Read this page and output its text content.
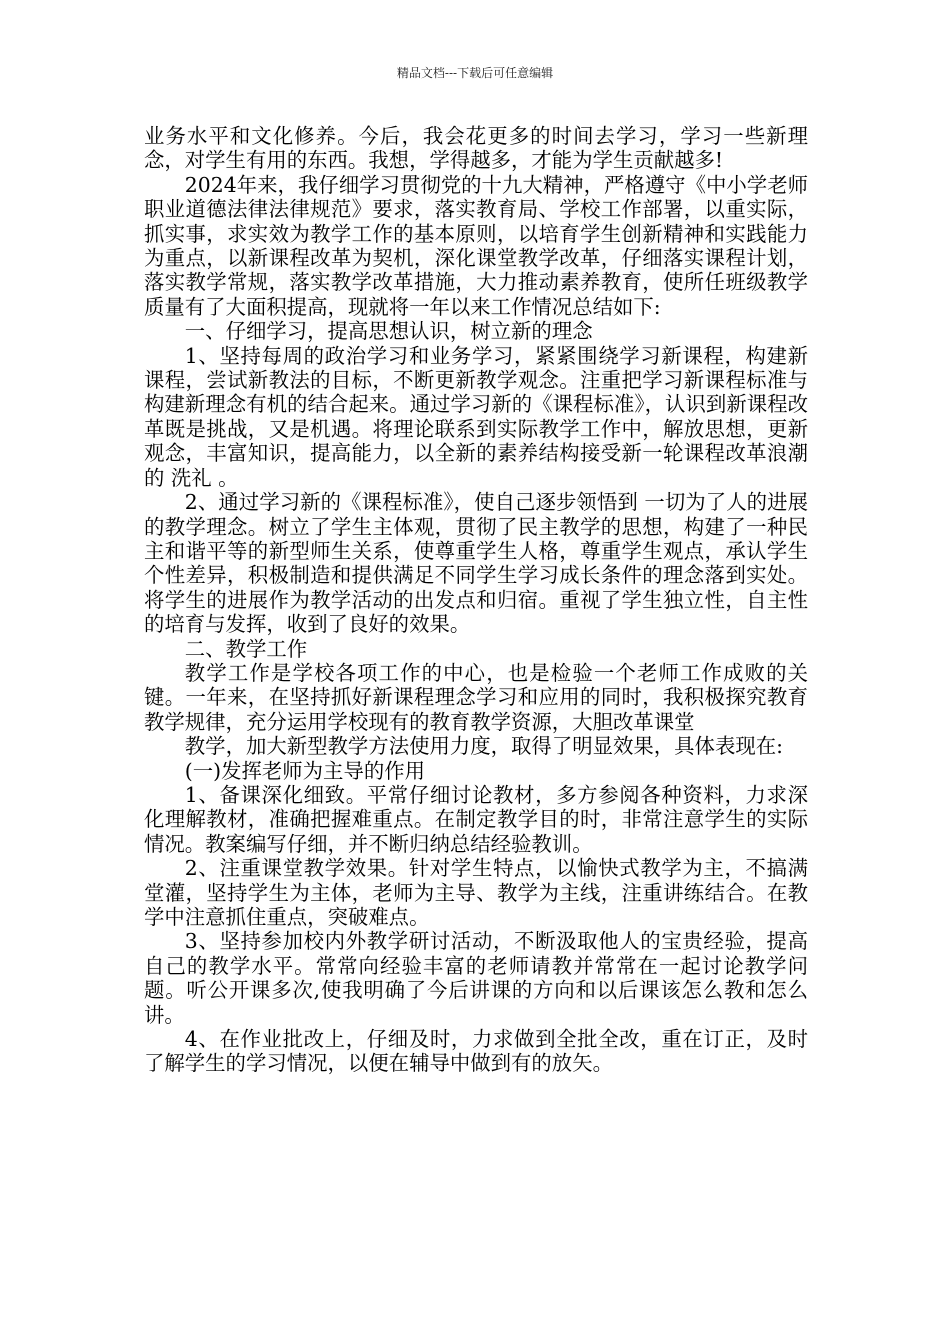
精品文档---下载后可任意编辑

业务水平和文化修养。今后，我会花更多的时间去学习，学习一些新理念，对学生有用的东西。我想，学得越多，才能为学生贡献越多!

2024年来，我仔细学习贯彻党的十九大精神，严格遵守《中小学老师职业道德法律法律规范》要求，落实教育局、学校工作部署，以重实际，抓实事，求实效为教学工作的基本原则，以培育学生创新精神和实践能力为重点，以新课程改革为契机，深化课堂教学改革，仔细落实课程计划，落实教学常规，落实教学改革措施，大力推动素养教育，使所任班级教学质量有了大面积提高，现就将一年以来工作情况总结如下:

一、仔细学习，提高思想认识，树立新的理念

1、坚持每周的政治学习和业务学习，紧紧围绕学习新课程，构建新课程，尝试新教法的目标，不断更新教学观念。注重把学习新课程标准与构建新理念有机的结合起来。通过学习新的《课程标准》，认识到新课程改革既是挑战，又是机遇。将理论联系到实际教学工作中，解放思想，更新观念，丰富知识，提高能力，以全新的素养结构接受新一轮课程改革浪潮的 洗礼 。

2、通过学习新的《课程标准》，使自己逐步领悟到 一切为了人的进展 的教学理念。树立了学生主体观，贯彻了民主教学的思想，构建了一种民主和谐平等的新型师生关系，使尊重学生人格，尊重学生观点，承认学生个性差异，积极制造和提供满足不同学生学习成长条件的理念落到实处。将学生的进展作为教学活动的出发点和归宿。重视了学生独立性，自主性的培育与发挥，收到了良好的效果。

二、教学工作

教学工作是学校各项工作的中心，也是检验一个老师工作成败的关键。一年来，在坚持抓好新课程理念学习和应用的同时，我积极探究教育教学规律，充分运用学校现有的教育教学资源，大胆改革课堂

教学，加大新型教学方法使用力度，取得了明显效果，具体表现在:

(一)发挥老师为主导的作用

1、备课深化细致。平常仔细讨论教材，多方参阅各种资料，力求深化理解教材，准确把握难重点。在制定教学目的时，非常注意学生的实际情况。教案编写仔细，并不断归纳总结经验教训。

2、注重课堂教学效果。针对学生特点，以愉快式教学为主，不搞满堂灌，坚持学生为主体，老师为主导、教学为主线，注重讲练结合。在教学中注意抓住重点，突破难点。

3、坚持参加校内外教学研讨活动，不断汲取他人的宝贵经验，提高自己的教学水平。常常向经验丰富的老师请教并常常在一起讨论教学问题。听公开课多次,使我明确了今后讲课的方向和以后课该怎么教和怎么讲。

4、在作业批改上，仔细及时，力求做到全批全改，重在订正，及时了解学生的学习情况，以便在辅导中做到有的放矢。
